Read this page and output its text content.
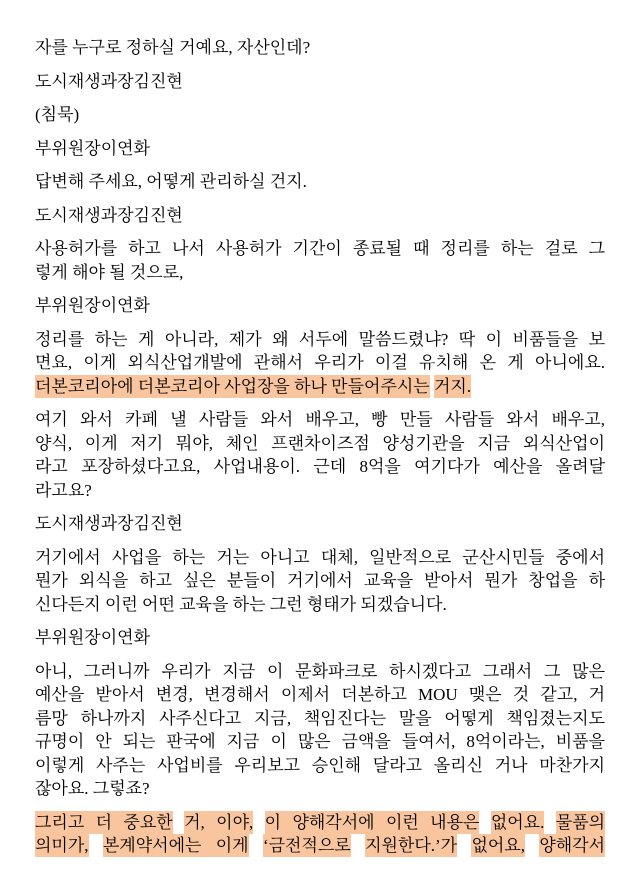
자를 누구로 정하실 거예요, 자산인데?
도시재생과장김진현
(침묵)
부위원장이연화
답변해 주세요, 어떻게 관리하실 건지.
도시재생과장김진현
사용허가를 하고 나서 사용허가 기간이 종료될 때 정리를 하는 걸로 그
렇게 해야 될 것으로,
부위원장이연화
정리를 하는 게 아니라, 제가 왜 서두에 말씀드렸냐? 딱 이 비품들을 보
면요, 이게 외식산업개발에 관해서 우리가 이걸 유치해 온 게 아니에요.
더본코리아에 더본코리아 사업장을 하나 만들어주시는 거지.
여기 와서 카페 낼 사람들 와서 배우고, 빵 만들 사람들 와서 배우고,
양식, 이게 저기 뭐야, 체인 프랜차이즈점 양성기관을 지금 외식산업이
라고 포장하셨다고요, 사업내용이. 근데 8억을 여기다가 예산을 올려달
라고요?
도시재생과장김진현
거기에서 사업을 하는 거는 아니고 대체, 일반적으로 군산시민들 중에서
뭔가 외식을 하고 싶은 분들이 거기에서 교육을 받아서 뭔가 창업을 하
신다든지 이런 어떤 교육을 하는 그런 형태가 되겠습니다.
부위원장이연화
아니, 그러니까 우리가 지금 이 문화파크로 하시겠다고 그래서 그 많은
예산을 받아서 변경, 변경해서 이제서 더본하고 MOU 맺은 것 같고, 거
름망 하나까지 사주신다고 지금, 책임진다는 말을 어떻게 책임졌는지도
규명이 안 되는 판국에 지금 이 많은 금액을 들여서, 8억이라는, 비품을
이렇게 사주는 사업비를 우리보고 승인해 달라고 올리신 거나 마찬가지
잖아요. 그렇죠?
그리고 더 중요한 거, 이야, 이 양해각서에 이런 내용은 없어요. 물품의
의미가, 본계약서에는 이게 ‘금전적으로 지원한다.’가 없어요, 양해각서
